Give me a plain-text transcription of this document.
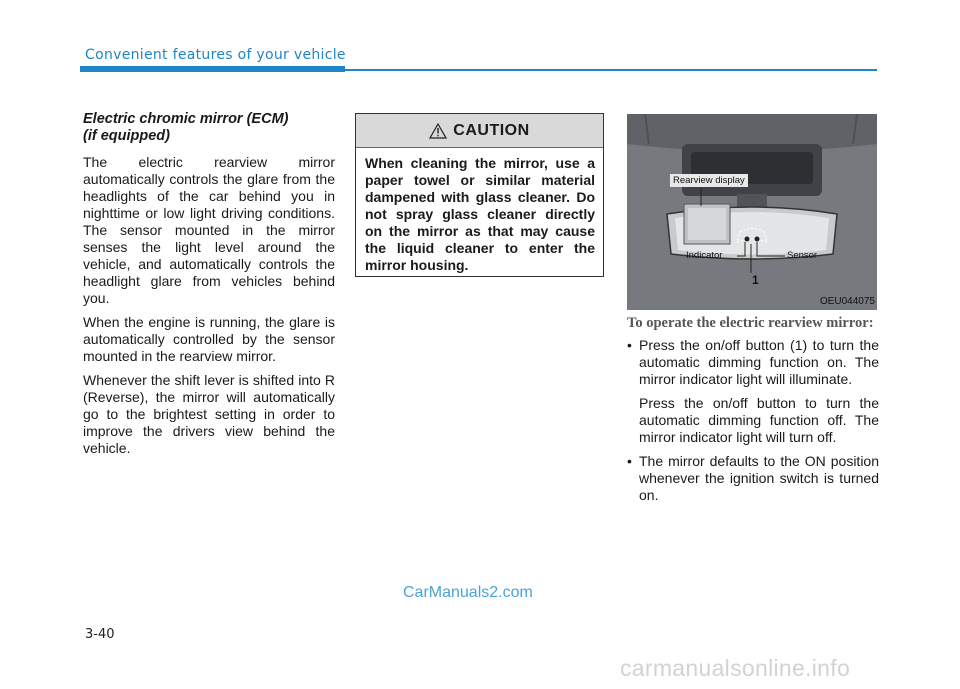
Convenient features of your vehicle
Electric chromic mirror (ECM)
(if equipped)

The electric rearview mirror automatically controls the glare from the headlights of the car behind you in nighttime or low light driving conditions. The sensor mounted in the mirror senses the light level around the vehicle, and automatically controls the headlight glare from vehicles behind you.

When the engine is running, the glare is automatically controlled by the sensor mounted in the rearview mirror.

Whenever the shift lever is shifted into R (Reverse), the mirror will automatically go to the brightest setting in order to improve the drivers view behind the vehicle.

CAUTION
When cleaning the mirror, use a paper towel or similar material dampened with glass cleaner. Do not spray glass cleaner directly on the mirror as that may cause the liquid cleaner to enter the mirror housing.
Rearview display
Indicator	Sensor
1
OEU044075
To operate the electric rearview mirror:
• Press the on/off button (1) to turn the automatic dimming function on. The mirror indicator light will illuminate.
Press the on/off button to turn the automatic dimming function off. The mirror indicator light will turn off.
• The mirror defaults to the ON position whenever the ignition switch is turned on.
CarManuals2.com
3-40
carmanualsonline.info
